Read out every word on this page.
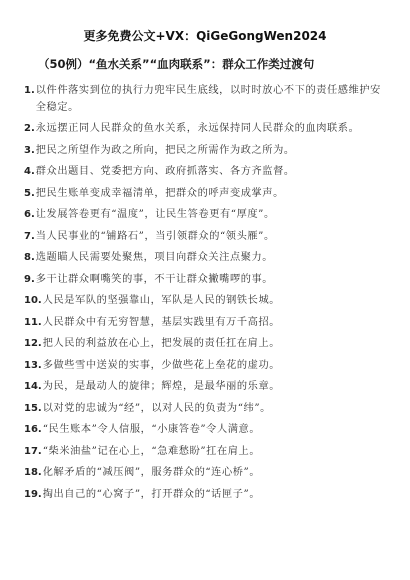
更多免费公文+VX：QiGeGongWen2024
（50例）“鱼水关系”“血肉联系”：群众工作类过渡句
1. 以件件落实到位的执行力兜牢民生底线，以时时放心不下的责任感维护安全稳定。
2. 永远摆正同人民群众的鱼水关系，永远保持同人民群众的血肉联系。
3. 把民之所望作为政之所向，把民之所需作为政之所为。
4. 群众出题目、党委把方向、政府抓落实、各方齐监督。
5. 把民生账单变成幸福清单，把群众的呼声变成掌声。
6. 让发展答卷更有“温度”，让民生答卷更有“厚度”。
7. 当人民事业的“铺路石”，当引领群众的“领头雁”。
8. 选题瞄人民需要处聚焦，项目向群众关注点聚力。
9. 多干让群众啊嘴笑的事，不干让群众撇嘴啰的事。
10. 人民是军队的坚强靠山，军队是人民的钢铁长城。
11. 人民群众中有无穷智慧，基层实践里有万千高招。
12. 把人民的利益放在心上，把发展的责任扛在肩上。
13. 多做些雪中送炭的实事，少做些花上垒花的虚功。
14. 为民，是最动人的旋律；辉煌，是最华丽的乐章。
15. 以对党的忠诚为“经”，以对人民的负责为“纬”。
16. “民生账本”令人信服，“小康答卷”令人满意。
17. “柴米油盐”记在心上，“急难愁盼”扛在肩上。
18. 化解矛盾的“减压阀”，服务群众的“连心桥”。
19. 掏出自己的“心窝子”，打开群众的“话匣子”。
